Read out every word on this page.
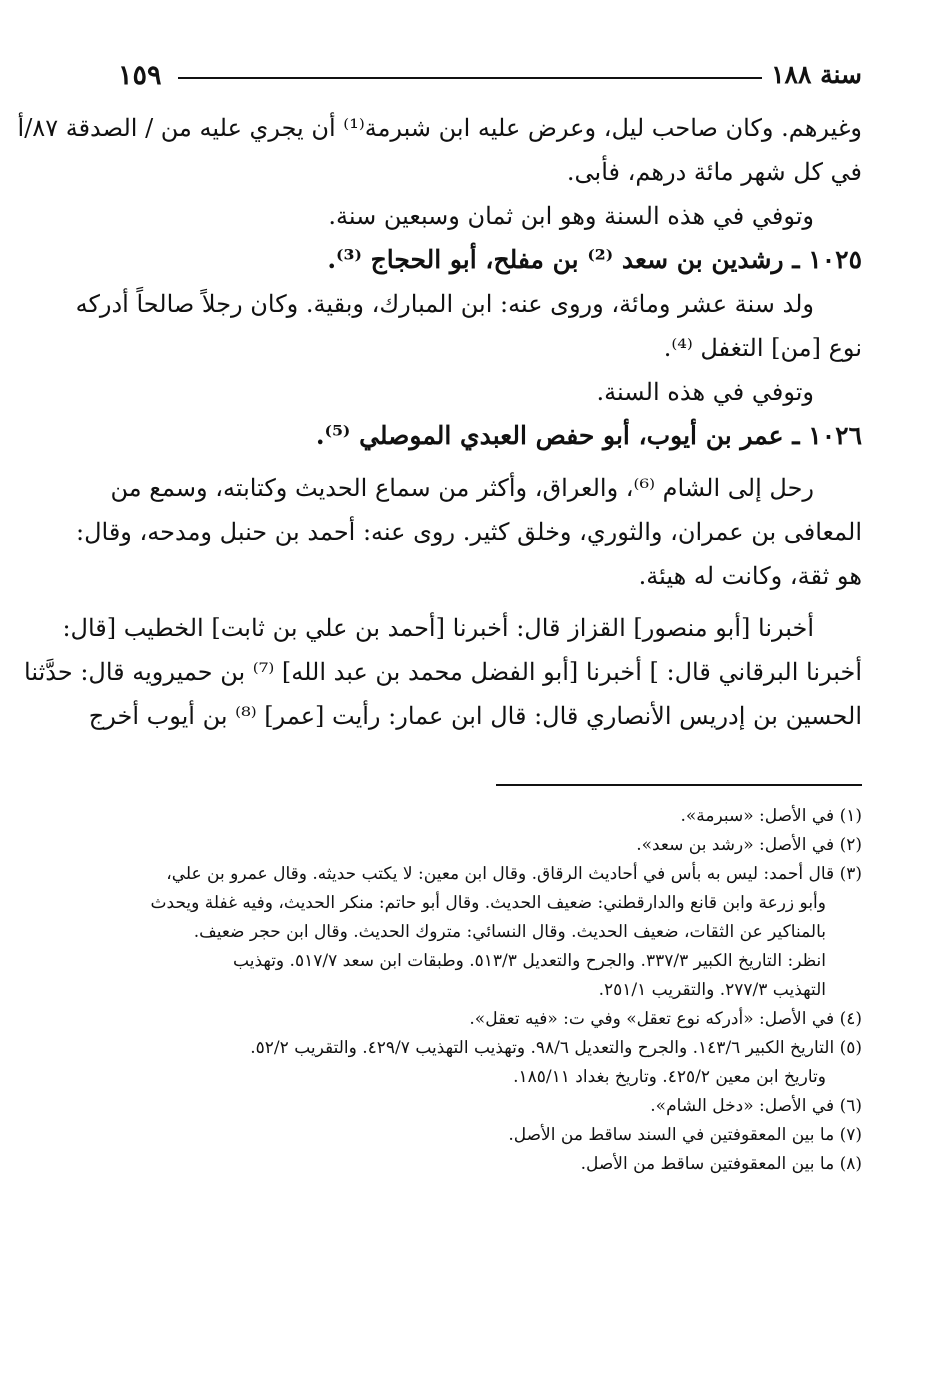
١٥٩	سنة ١٨٨
وغيرهم. وكان صاحب ليل، وعرض عليه ابن شبرمة⁽¹⁾ أن يجري عليه من / الصدقة ٨٧/أ
في كل شهر مائة درهم، فأبى.
وتوفي في هذه السنة وهو ابن ثمان وسبعين سنة.
١٠٢٥ ـ رشدين بن سعد ⁽²⁾ بن مفلح، أبو الحجاج ⁽³⁾.
ولد سنة عشر ومائة، وروى عنه: ابن المبارك، وبقية. وكان رجلاً صالحاً أدركه
نوع [من] التغفل ⁽⁴⁾.
وتوفي في هذه السنة.
١٠٢٦ ـ عمر بن أيوب، أبو حفص العبدي الموصلي ⁽⁵⁾.
رحل إلى الشام ⁽⁶⁾، والعراق، وأكثر من سماع الحديث وكتابته، وسمع من
المعافى بن عمران، والثوري، وخلق كثير. روى عنه: أحمد بن حنبل ومدحه، وقال:
هو ثقة، وكانت له هيئة.
أخبرنا [أبو منصور] القزاز قال: أخبرنا [أحمد بن علي بن ثابت] الخطيب [قال:
أخبرنا البرقاني قال: ] أخبرنا [أبو الفضل محمد بن عبد الله] ⁽⁷⁾ بن حميرويه قال: حدَّثنا
الحسين بن إدريس الأنصاري قال: قال ابن عمار: رأيت [عمر] ⁽⁸⁾ بن أيوب أخرج
(١) في الأصل: «سبرمة».
(٢) في الأصل: «رشد بن سعد».
(٣) قال أحمد: ليس به بأس في أحاديث الرقاق. وقال ابن معين: لا يكتب حديثه. وقال عمرو بن علي،
وأبو زرعة وابن قانع والدارقطني: ضعيف الحديث. وقال أبو حاتم: منكر الحديث، وفيه غفلة ويحدث
بالمناكير عن الثقات، ضعيف الحديث. وقال النسائي: متروك الحديث. وقال ابن حجر ضعيف.
انظر: التاريخ الكبير ٣٣٧/٣. والجرح والتعديل ٥١٣/٣. وطبقات ابن سعد ٥١٧/٧. وتهذيب
التهذيب ٢٧٧/٣. والتقريب ٢٥١/١.
(٤) في الأصل: «أدركه نوع تعقل» وفي ت: «فيه تعقل».
(٥) التاريخ الكبير ١٤٣/٦. والجرح والتعديل ٩٨/٦. وتهذيب التهذيب ٤٢٩/٧. والتقريب ٥٢/٢.
وتاريخ ابن معين ٤٢٥/٢. وتاريخ بغداد ١٨٥/١١.
(٦) في الأصل: «دخل الشام».
(٧) ما بين المعقوفتين في السند ساقط من الأصل.
(٨) ما بين المعقوفتين ساقط من الأصل.
